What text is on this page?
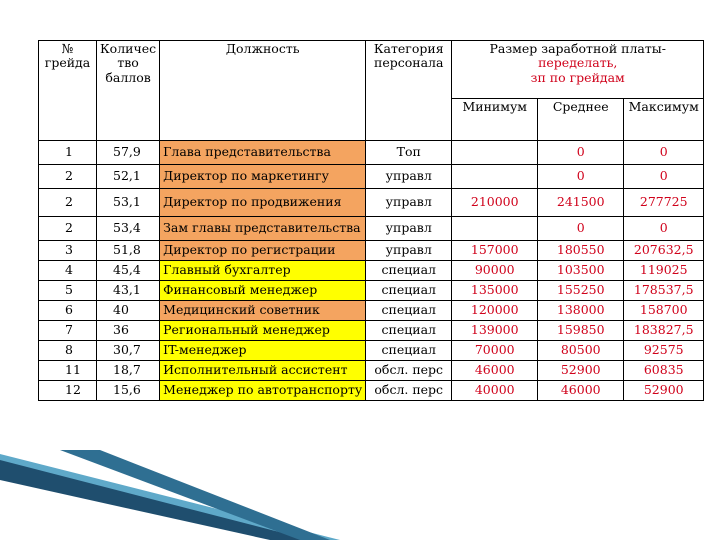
№ грейда	Количес тво баллов	Должность	Категория персонала	Размер заработной платы- переделать,
зп по грейдам		
				Минимум	Среднее	Максимум
1	57,9	Глава представительства	Топ		0	0
2	52,1	Директор по маркетингу	управл		0	0
2	53,1	Директор по продвижения	управл	210000	241500	277725
2	53,4	Зам главы представительства	управл		0	0
3	51,8	Директор по регистрации	управл	157000	180550	207632,5
4	45,4	Главный бухгалтер	специал	90000	103500	119025
5	43,1	Финансовый менеджер	специал	135000	155250	178537,5
6	40	Медицинский советник	специал	120000	138000	158700
7	36	Региональный менеджер	специал	139000	159850	183827,5
8	30,7	IT-менеджер	специал	70000	80500	92575
11	18,7	Исполнительный ассистент	обсл. перс	46000	52900	60835
12	15,6	Менеджер по автотранспорту	обсл. перс	40000	46000	52900
